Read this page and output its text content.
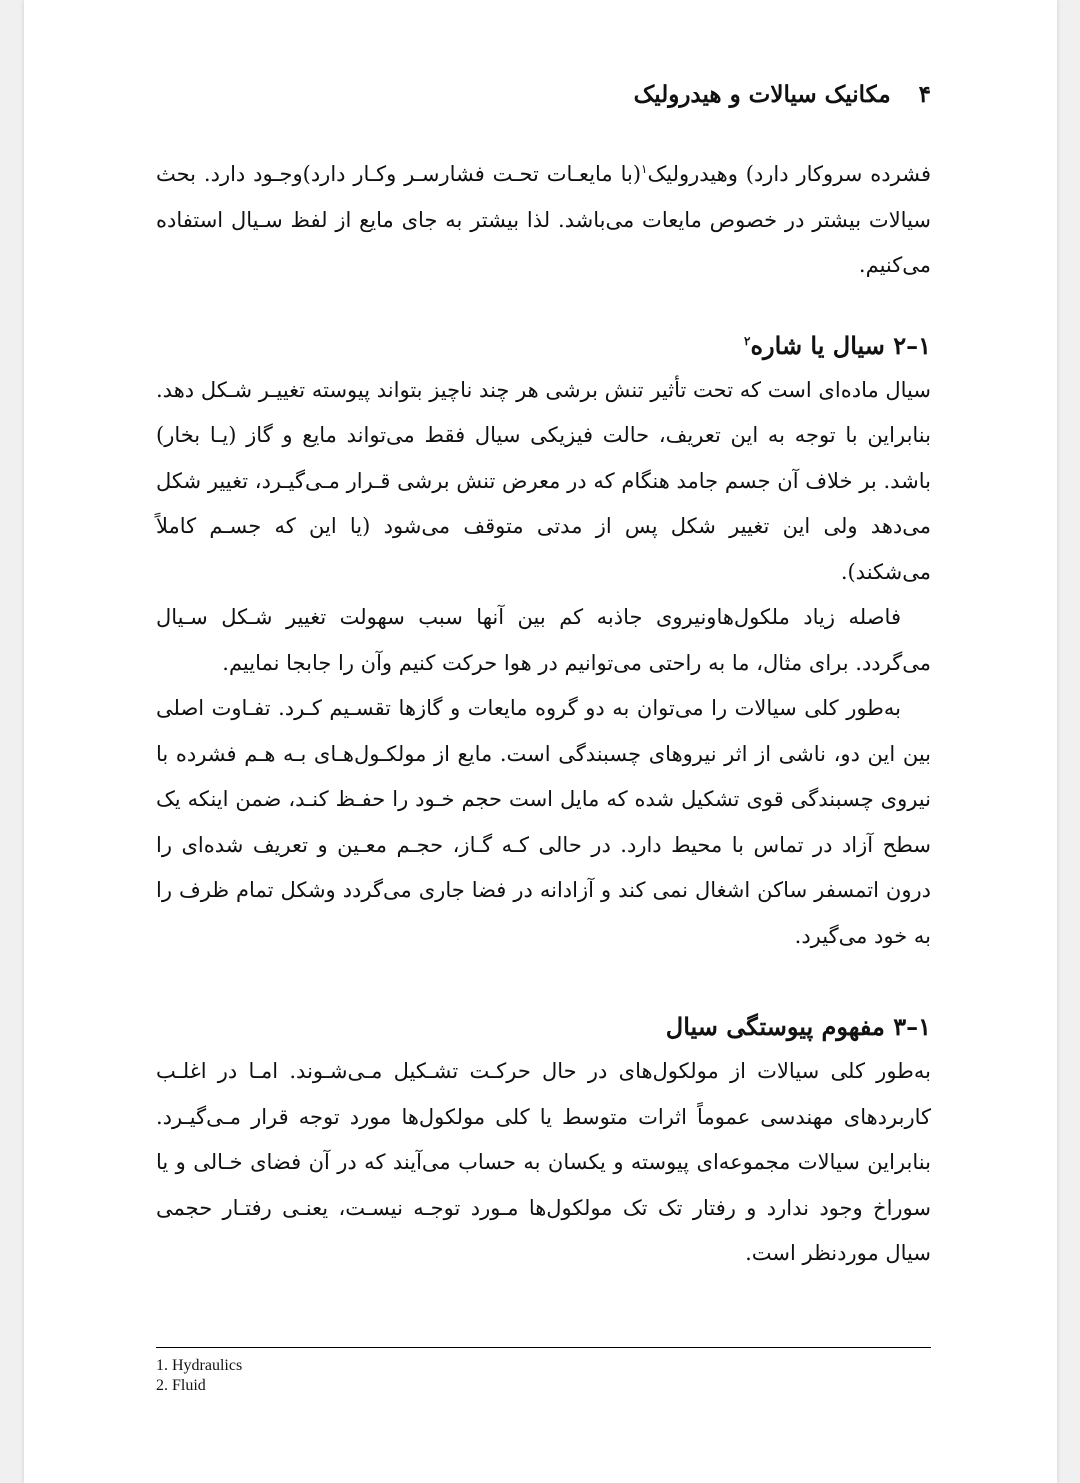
۴مکانیک سیالات و هیدرولیک

فشرده سروکار دارد) وهیدرولیک$^۱$(با مایعـات تحـت فشارسـر وکـار دارد)وجـود دارد. بحث سیالات بیشتر در خصوص مایعات می‌باشد. لذا بیشتر به جای مایع از لفظ سـیال استفاده می‌کنیم.

۱–۲ سیال یا شاره$^۲$

سیال ماده‌ای است که تحت تأثیر تنش برشی هر چند ناچیز بتواند پیوسته تغییـر شـکل دهد. بنابراین با توجه به این تعریف، حالت فیزیکی سیال فقط می‌تواند مایع و گاز (یـا بخار) باشد. بر خلاف آن جسم جامد هنگام که در معرض تنش برشی قـرار مـی‌گیـرد، تغییر شکل می‌دهد ولی این تغییر شکل پس از مدتی متوقف می‌شود (یا این که جسـم کاملاً می‌شکند).

فاصله زیاد ملکول‌هاونیروی جاذبه کم بین آنها سبب سهولت تغییر شـکل سـیال می‌گردد. برای مثال، ما به راحتی می‌توانیم در هوا حرکت کنیم وآن را جابجا نماییم.

به‌طور کلی سیالات را می‌توان به دو گروه مایعات و گازها تقسـیم کـرد. تفـاوت اصلی بین این دو، ناشی از اثر نیروهای چسبندگی است. مایع از مولکـول‌هـای بـه هـم فشرده با نیروی چسبندگی قوی تشکیل شده که مایل است حجم خـود را حفـظ کنـد، ضمن اینکه یک سطح آزاد در تماس با محیط دارد. در حالی کـه گـاز، حجـم معـین و تعریف شده‌ای را درون اتمسفر ساکن اشغال نمی کند و آزادانه در فضا جاری می‌گردد وشکل تمام ظرف را به خود می‌گیرد.

۱–۳ مفهوم پیوستگی سیال

به‌طور کلی سیالات از مولکول‌های در حال حرکـت تشـکیل مـی‌شـوند. امـا در اغلـب کاربردهای مهندسی عموماً اثرات متوسط یا کلی مولکول‌ها مورد توجه قرار مـی‌گیـرد. بنابراین سیالات مجموعه‌ای پیوسته و یکسان به حساب می‌آیند که در آن فضای خـالی و یا سوراخ وجود ندارد و رفتار تک تک مولکول‌ها مـورد توجـه نیسـت، یعنـی رفتـار حجمی سیال موردنظر است.

1. Hydraulics
2. Fluid
